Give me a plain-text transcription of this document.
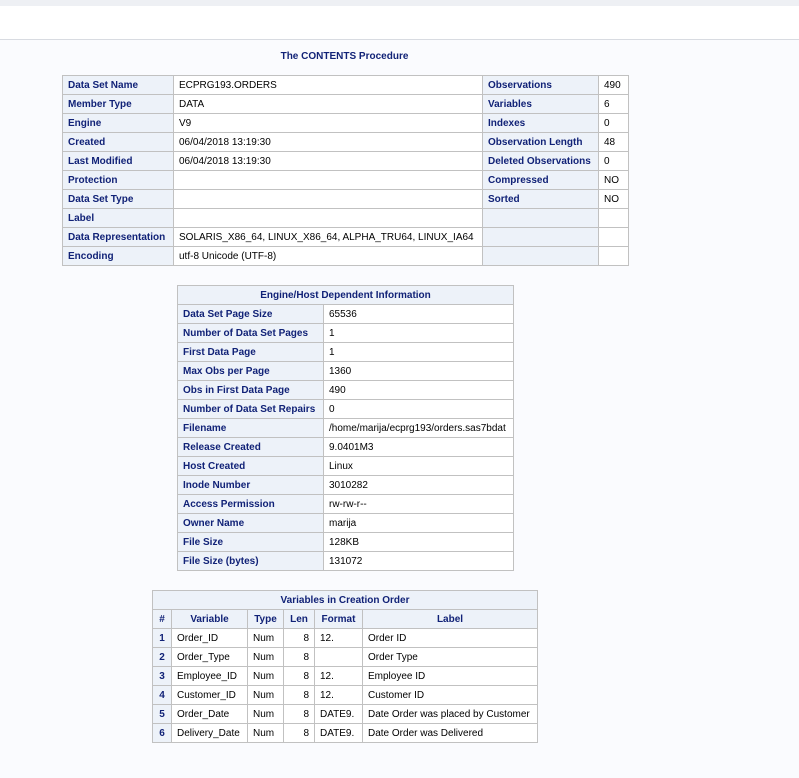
The CONTENTS Procedure
Data Set Name	ECPRG193.ORDERS	Observations	490
Member Type	DATA	Variables	6
Engine	V9	Indexes	0
Created	06/04/2018 13:19:30	Observation Length	48
Last Modified	06/04/2018 13:19:30	Deleted Observations	0
Protection		Compressed	NO
Data Set Type		Sorted	NO
Label			
Data Representation	SOLARIS_X86_64, LINUX_X86_64, ALPHA_TRU64, LINUX_IA64		
Encoding	utf-8 Unicode (UTF-8)		
Engine/Host Dependent Information	
Data Set Page Size	65536
Number of Data Set Pages	1
First Data Page	1
Max Obs per Page	1360
Obs in First Data Page	490
Number of Data Set Repairs	0
Filename	/home/marija/ecprg193/orders.sas7bdat
Release Created	9.0401M3
Host Created	Linux
Inode Number	3010282
Access Permission	rw-rw-r--
Owner Name	marija
File Size	128KB
File Size (bytes)	131072
Variables in Creation Order					
#	Variable	Type	Len	Format	Label
1	Order_ID	Num	8	12.	Order ID
2	Order_Type	Num	8		Order Type
3	Employee_ID	Num	8	12.	Employee ID
4	Customer_ID	Num	8	12.	Customer ID
5	Order_Date	Num	8	DATE9.	Date Order was placed by Customer
6	Delivery_Date	Num	8	DATE9.	Date Order was Delivered
